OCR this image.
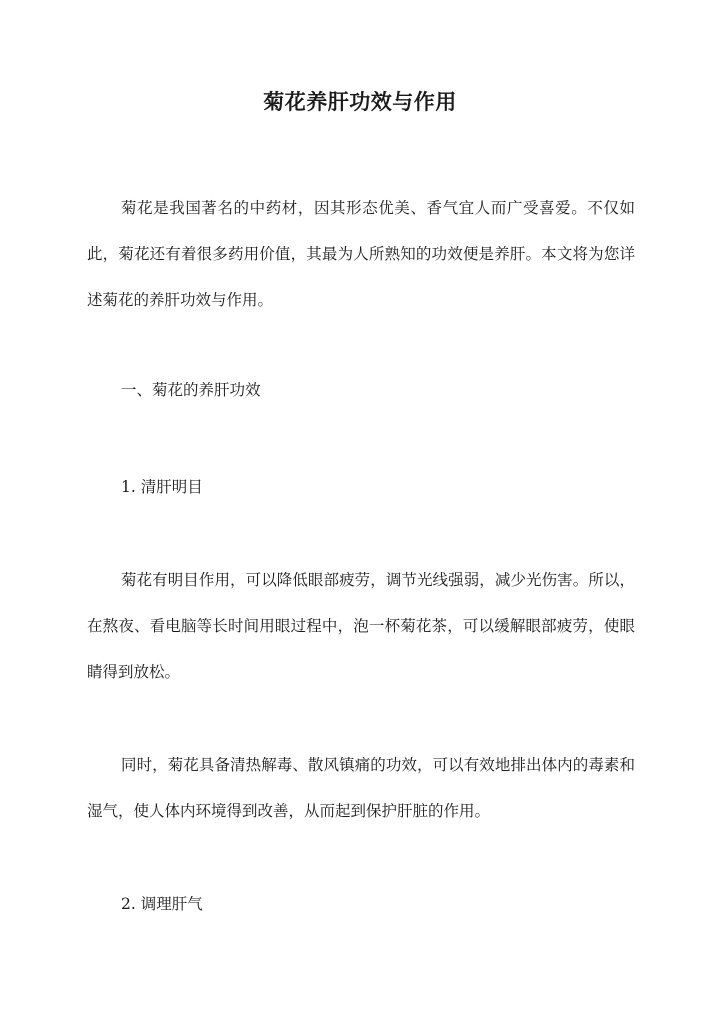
菊花养肝功效与作用

菊花是我国著名的中药材，因其形态优美、香气宜人而广受喜爱。不仅如此，菊花还有着很多药用价值，其最为人所熟知的功效便是养肝。本文将为您详述菊花的养肝功效与作用。

一、菊花的养肝功效
1. 清肝明目

菊花有明目作用，可以降低眼部疲劳，调节光线强弱，减少光伤害。所以，在熬夜、看电脑等长时间用眼过程中，泡一杯菊花茶，可以缓解眼部疲劳，使眼睛得到放松。

同时，菊花具备清热解毒、散风镇痛的功效，可以有效地排出体内的毒素和湿气，使人体内环境得到改善，从而起到保护肝脏的作用。

2. 调理肝气
